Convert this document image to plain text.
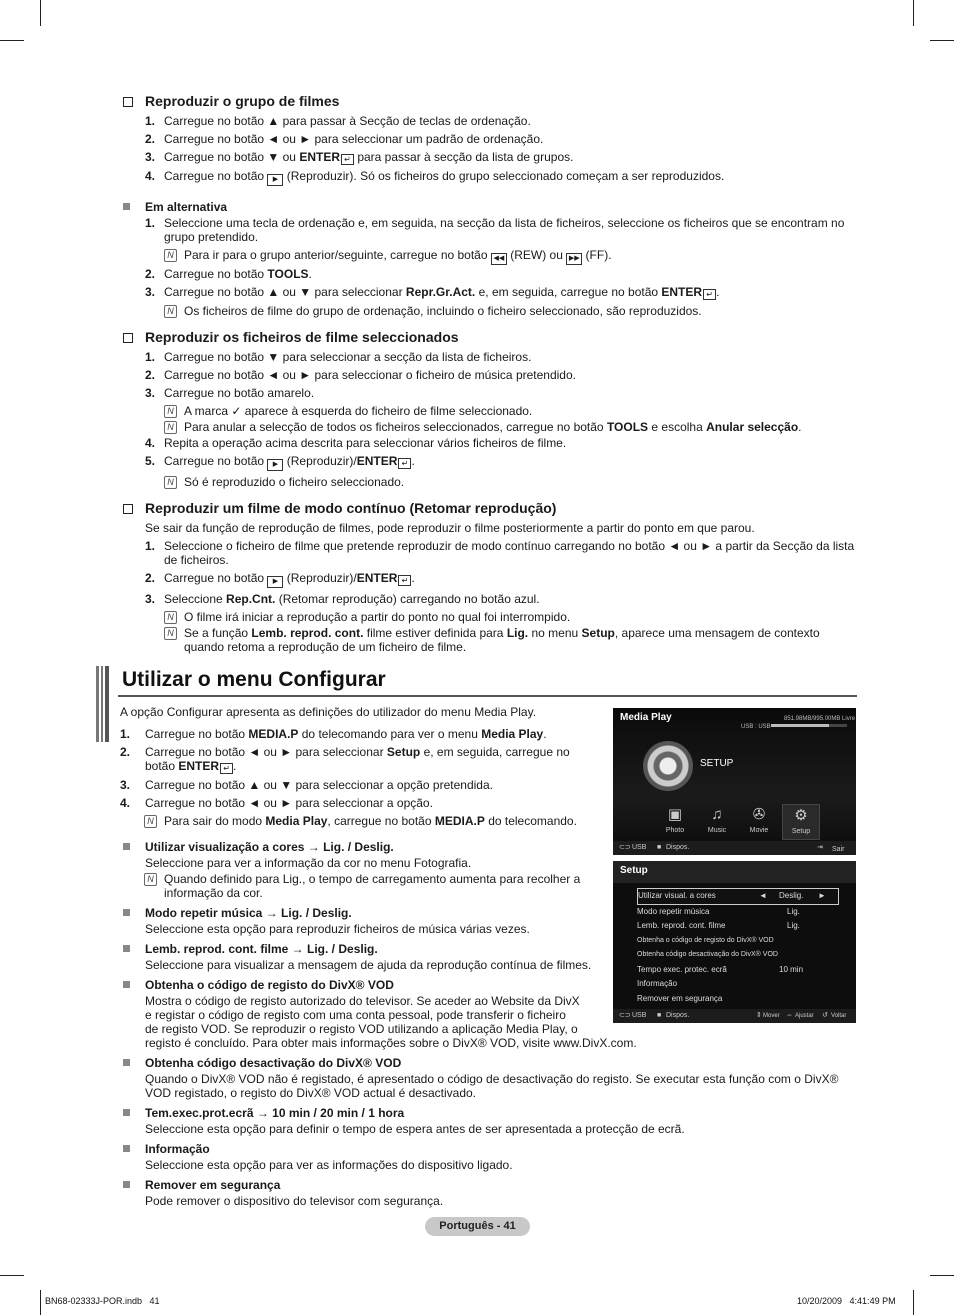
Reproduzir o grupo de filmes
1. Carregue no botão ▲ para passar à Secção de teclas de ordenação.
2. Carregue no botão ◄ ou ► para seleccionar um padrão de ordenação.
3. Carregue no botão ▼ ou ENTER ↵ para passar à secção da lista de grupos.
4. Carregue no botão ▶ (Reproduzir). Só os ficheiros do grupo seleccionado começam a ser reproduzidos.
Em alternativa
1. Seleccione uma tecla de ordenação e, em seguida, na secção da lista de ficheiros, seleccione os ficheiros que se encontram no grupo pretendido.
N Para ir para o grupo anterior/seguinte, carregue no botão ◀◀ (REW) ou ▶▶ (FF).
2. Carregue no botão TOOLS.
3. Carregue no botão ▲ ou ▼ para seleccionar Repr.Gr.Act. e, em seguida, carregue no botão ENTER ↵ .
N Os ficheiros de filme do grupo de ordenação, incluindo o ficheiro seleccionado, são reproduzidos.
Reproduzir os ficheiros de filme seleccionados
1. Carregue no botão ▼ para seleccionar a secção da lista de ficheiros.
2. Carregue no botão ◄ ou ► para seleccionar o ficheiro de música pretendido.
3. Carregue no botão amarelo.
N A marca ✓ aparece à esquerda do ficheiro de filme seleccionado.
N Para anular a selecção de todos os ficheiros seleccionados, carregue no botão TOOLS e escolha Anular selecção.
4. Repita a operação acima descrita para seleccionar vários ficheiros de filme.
5. Carregue no botão ▶ (Reproduzir)/ENTER ↵ .
N Só é reproduzido o ficheiro seleccionado.
Reproduzir um filme de modo contínuo (Retomar reprodução)
Se sair da função de reprodução de filmes, pode reproduzir o filme posteriormente a partir do ponto em que parou.
1. Seleccione o ficheiro de filme que pretende reproduzir de modo contínuo carregando no botão ◄ ou ► a partir da Secção da lista de ficheiros.
2. Carregue no botão ▶ (Reproduzir)/ENTER ↵ .
3. Seleccione Rep.Cnt. (Retomar reprodução) carregando no botão azul.
N O filme irá iniciar a reprodução a partir do ponto no qual foi interrompido.
N Se a função Lemb. reprod. cont. filme estiver definida para Lig. no menu Setup, aparece uma mensagem de contexto quando retoma a reprodução de um ficheiro de filme.
Utilizar o menu Configurar
A opção Configurar apresenta as definições do utilizador do menu Media Play.
1. Carregue no botão MEDIA.P do telecomando para ver o menu Media Play.
2. Carregue no botão ◄ ou ► para seleccionar Setup e, em seguida, carregue no botão ENTER ↵ .
3. Carregue no botão ▲ ou ▼ para seleccionar a opção pretendida.
4. Carregue no botão ◄ ou ► para seleccionar a opção.
N Para sair do modo Media Play, carregue no botão MEDIA.P do telecomando.
Utilizar visualização a cores → Lig. / Deslig.
Seleccione para ver a informação da cor no menu Fotografia.
N Quando definido para Lig., o tempo de carregamento aumenta para recolher a informação da cor.
Modo repetir música → Lig. / Deslig.
Seleccione esta opção para reproduzir ficheiros de música várias vezes.
Lemb. reprod. cont. filme → Lig. / Deslig.
Seleccione para visualizar a mensagem de ajuda da reprodução contínua de filmes.
Obtenha o código de registo do DivX® VOD
Mostra o código de registo autorizado do televisor. Se aceder ao Website da DivX
e registar o código de registo com uma conta pessoal, pode transferir o ficheiro
de registo VOD. Se reproduzir o registo VOD utilizando a aplicação Media Play, o
registo é concluído. Para obter mais informações sobre o DivX® VOD, visite www.DivX.com.
Obtenha código desactivação do DivX® VOD
Quando o DivX® VOD não é registado, é apresentado o código de desactivação do registo. Se executar esta função com o DivX® VOD registado, o registo do DivX® VOD actual é desactivado.
Tem.exec.prot.ecrã → 10 min / 20 min / 1 hora
Seleccione esta opção para definir o tempo de espera antes de ser apresentada a protecção de ecrã.
Informação
Seleccione esta opção para ver as informações do dispositivo ligado.
Remover em segurança
Pode remover o dispositivo do televisor com segurança.
Media Play	851.98MB/995.00MB Livre
USB : USB
SETUP
▣
Photo
♫
Music
✇
Movie
⚙
Setup
⊂⊃ USB ■ Dispos.	⇥ Sair
Setup
Utilizar visual. a cores	◄ Deslig. ►
Modo repetir música	Lig.
Lemb. reprod. cont. filme	Lig.
Obtenha o código de registo do DivX® VOD
Obtenha código desactivação do DivX® VOD
Tempo exec. protec. ecrã	10 min
Informação
Remover em segurança
⊂⊃ USB ■ Dispos.	⇕ Mover ⇔ Ajustar ↺ Voltar
Português - 41
BN68-02333J-POR.indb   41	10/20/2009   4:41:49 PM
